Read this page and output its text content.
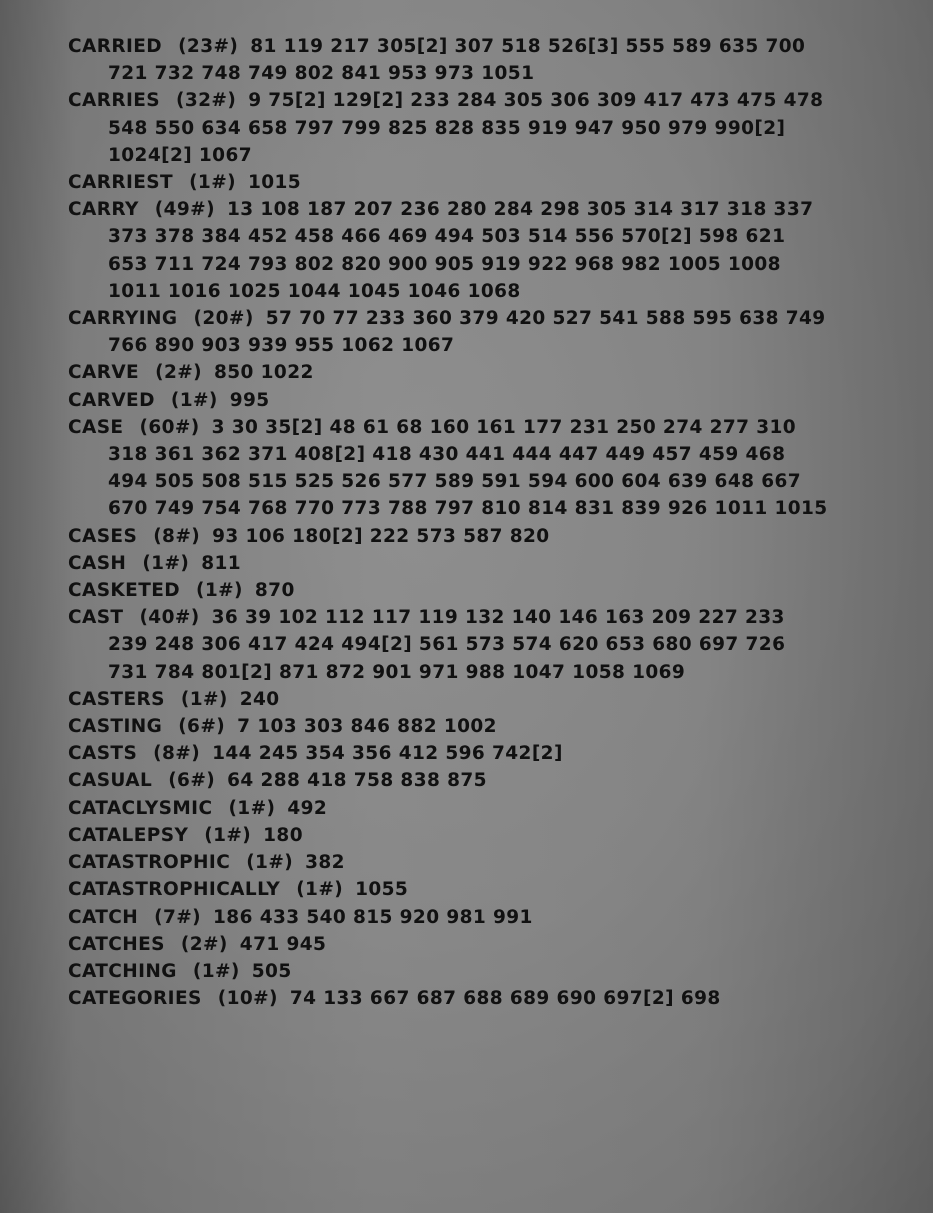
CARRIED (23#) 81 119 217 305[2] 307 518 526[3] 555 589 635 700 721 732 748 749 802 841 953 973 1051
CARRIES (32#) 9 75[2] 129[2] 233 284 305 306 309 417 473 475 478 548 550 634 658 797 799 825 828 835 919 947 950 979 990[2] 1024[2] 1067
CARRIEST (1#) 1015
CARRY (49#) 13 108 187 207 236 280 284 298 305 314 317 318 337 373 378 384 452 458 466 469 494 503 514 556 570[2] 598 621 653 711 724 793 802 820 900 905 919 922 968 982 1005 1008 1011 1016 1025 1044 1045 1046 1068
CARRYING (20#) 57 70 77 233 360 379 420 527 541 588 595 638 749 766 890 903 939 955 1062 1067
CARVE (2#) 850 1022
CARVED (1#) 995
CASE (60#) 3 30 35[2] 48 61 68 160 161 177 231 250 274 277 310 318 361 362 371 408[2] 418 430 441 444 447 449 457 459 468 494 505 508 515 525 526 577 589 591 594 600 604 639 648 667 670 749 754 768 770 773 788 797 810 814 831 839 926 1011 1015
CASES (8#) 93 106 180[2] 222 573 587 820
CASH (1#) 811
CASKETED (1#) 870
CAST (40#) 36 39 102 112 117 119 132 140 146 163 209 227 233 239 248 306 417 424 494[2] 561 573 574 620 653 680 697 726 731 784 801[2] 871 872 901 971 988 1047 1058 1069
CASTERS (1#) 240
CASTING (6#) 7 103 303 846 882 1002
CASTS (8#) 144 245 354 356 412 596 742[2]
CASUAL (6#) 64 288 418 758 838 875
CATACLYSMIC (1#) 492
CATALEPSY (1#) 180
CATASTROPHIC (1#) 382
CATASTROPHICALLY (1#) 1055
CATCH (7#) 186 433 540 815 920 981 991
CATCHES (2#) 471 945
CATCHING (1#) 505
CATEGORIES (10#) 74 133 667 687 688 689 690 697[2] 698
